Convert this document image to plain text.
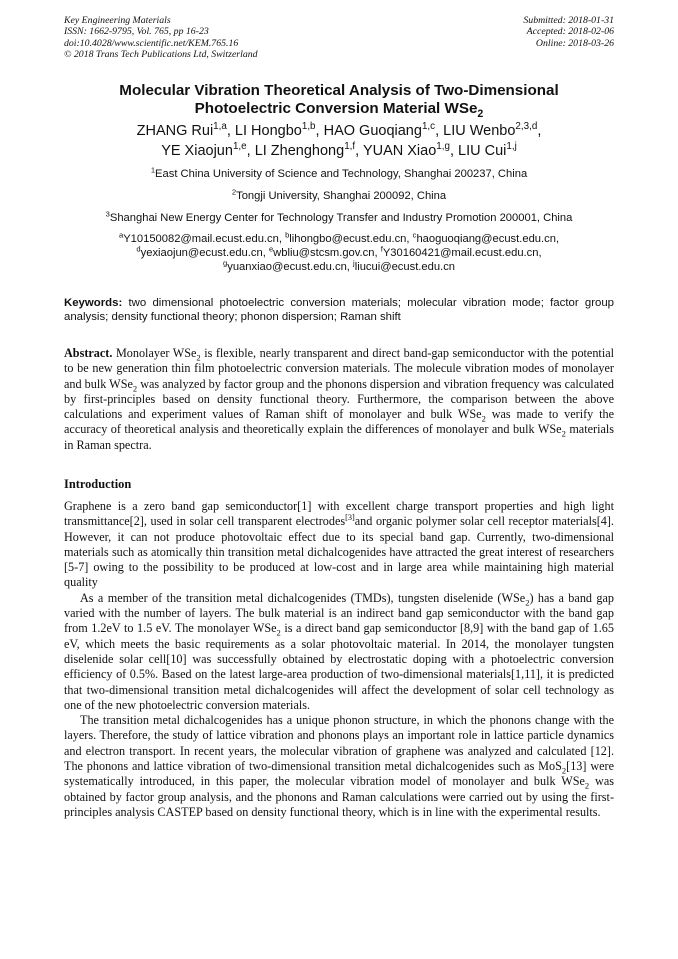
Key Engineering Materials
ISSN: 1662-9795, Vol. 765, pp 16-23
doi:10.4028/www.scientific.net/KEM.765.16
© 2018 Trans Tech Publications Ltd, Switzerland
Submitted: 2018-01-31
Accepted: 2018-02-06
Online: 2018-03-26
Molecular Vibration Theoretical Analysis of Two-Dimensional
Photoelectric Conversion Material WSe$_2$
ZHANG Rui$^{1,a}$, LI Hongbo$^{1,b}$, HAO Guoqiang$^{1,c}$, LIU Wenbo$^{2,3,d}$,
YE Xiaojun$^{1,e}$, LI Zhenghong$^{1,f}$, YUAN Xiao$^{1,g}$, LIU Cui$^{1,j}$
$^1$East China University of Science and Technology, Shanghai 200237, China
$^2$Tongji University, Shanghai 200092, China
$^3$Shanghai New Energy Center for Technology Transfer and Industry Promotion 200001, China
$^a$Y10150082@mail.ecust.edu.cn, $^b$lihongbo@ecust.edu.cn, $^c$haoguoqiang@ecust.edu.cn,
$^d$yexiaojun@ecust.edu.cn, $^e$wbliu@stcsm.gov.cn, $^f$Y30160421@mail.ecust.edu.cn,
$^g$yuanxiao@ecust.edu.cn, $^j$liucui@ecust.edu.cn
Keywords: two dimensional photoelectric conversion materials; molecular vibration mode; factor group analysis; density functional theory; phonon dispersion; Raman shift

Abstract. Monolayer WSe$_2$ is flexible, nearly transparent and direct band-gap semiconductor with the potential to be new generation thin film photoelectric conversion materials. The molecule vibration modes of monolayer and bulk WSe$_2$ was analyzed by factor group and the phonons dispersion and vibration frequency was calculated by first-principles based on density functional theory. Furthermore, the comparison between the above calculations and experiment values of Raman shift of monolayer and bulk WSe$_2$ was made to verify the accuracy of theoretical analysis and theoretically explain the differences of monolayer and bulk WSe$_2$ materials in Raman spectra.

Introduction

Graphene is a zero band gap semiconductor[1] with excellent charge transport properties and high light transmittance[2], used in solar cell transparent electrodes[3]and organic polymer solar cell receptor materials[4]. However, it can not produce photovoltaic effect due to its special band gap. Currently, two-dimensional materials such as atomically thin transition metal dichalcogenides have attracted the great interest of researchers [5-7] owing to the possibility to be produced at low-cost and in large area while maintaining high material quality

As a member of the transition metal dichalcogenides (TMDs), tungsten diselenide (WSe$_2$) has a band gap varied with the number of layers. The bulk material is an indirect band gap semiconductor with the band gap from 1.2eV to 1.5 eV. The monolayer WSe$_2$ is a direct band gap semiconductor [8,9] with the band gap of 1.65 eV, which meets the basic requirements as a solar photovoltaic material. In 2014, the monolayer tungsten diselenide solar cell[10] was successfully obtained by electrostatic doping with a photoelectric conversion efficiency of 0.5%. Based on the latest large-area production of two-dimensional materials[1,11], it is predicted that two-dimensional transition metal dichalcogenides will affect the development of solar cell technology as one of the new photoelectric conversion materials.

The transition metal dichalcogenides has a unique phonon structure, in which the phonons change with the layers. Therefore, the study of lattice vibration and phonons plays an important role in lattice particle dynamics and electron transport. In recent years, the molecular vibration of graphene was analyzed and calculated [12]. The phonons and lattice vibration of two-dimensional transition metal dichalcogenides such as MoS$_2$[13] were systematically introduced, in this paper, the molecular vibration model of monolayer and bulk WSe$_2$ was obtained by factor group analysis, and the phonons and Raman calculations were carried out by using the first-principles analysis CASTEP based on density functional theory, which is in line with the experimental results.
